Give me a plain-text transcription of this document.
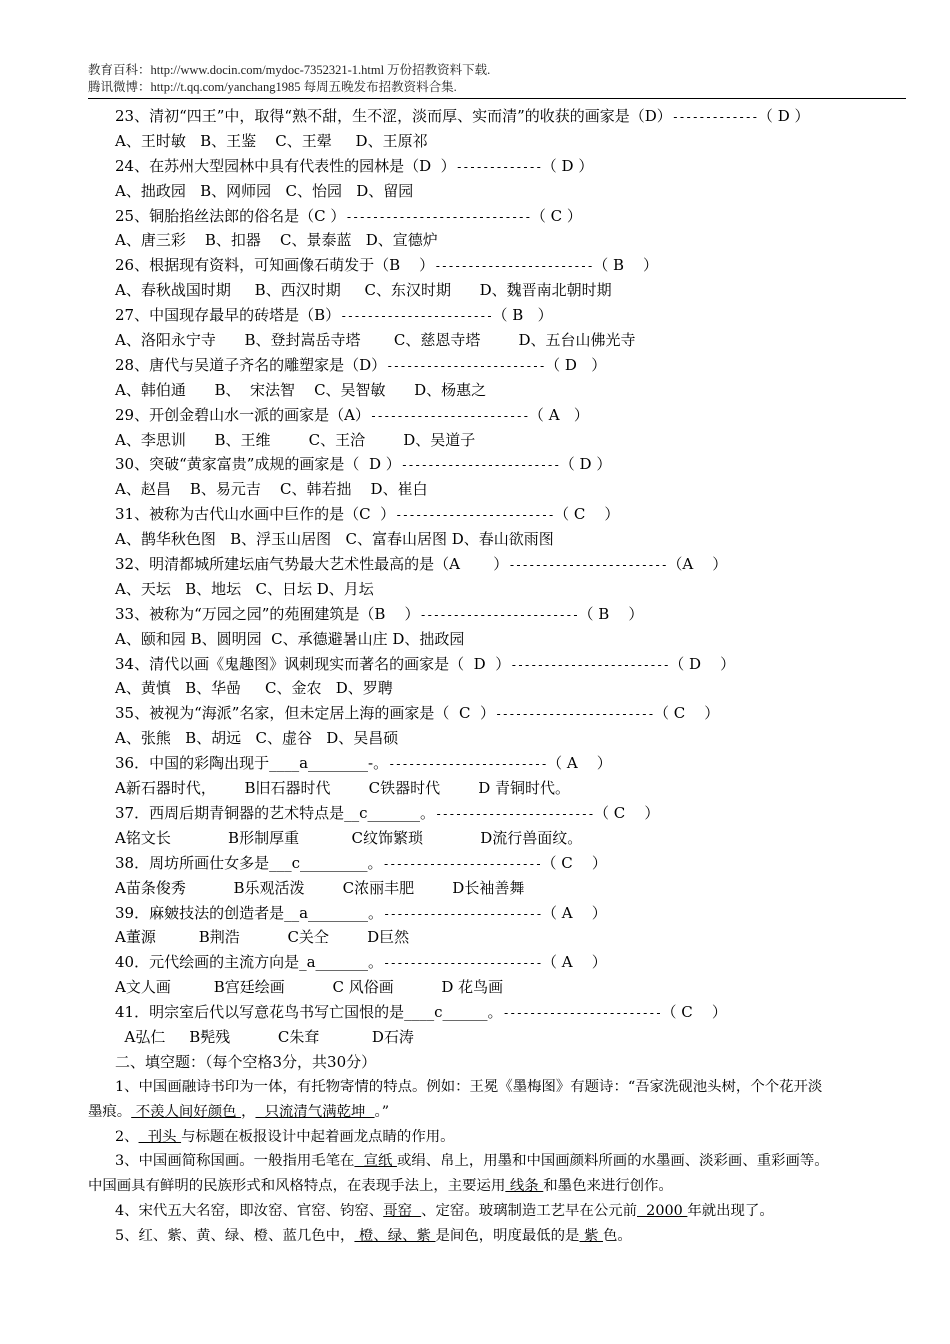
教育百科：http://www.docin.com/mydoc-7352321-1.html 万份招教资料下载.
腾讯微博：http://t.qq.com/yanchang1985 每周五晚发布招教资料合集.
23、清初“四王”中，取得“熟不甜，生不涩，淡而厚、实而清”的收获的画家是（D）-------------（ D ）
A、王时敏   B、王鉴    C、王翚     D、王原祁
24、在苏州大型园林中具有代表性的园林是（D  ）-------------（ D ）
A、拙政园   B、网师园   C、怡园   D、留园
25、铜胎掐丝法郎的俗名是（C ）----------------------------（ C ）
A、唐三彩    B、扣器    C、景泰蓝   D、宣德炉
26、根据现有资料，可知画像石萌发于（B    ）------------------------（ B    ）
A、春秋战国时期     B、西汉时期     C、东汉时期      D、魏晋南北朝时期
27、中国现存最早的砖塔是（B）-----------------------（ B   ）
A、洛阳永宁寺      B、登封嵩岳寺塔       C、慈恩寺塔        D、五台山佛光寺
28、唐代与吴道子齐名的雕塑家是（D）------------------------（ D   ）
A、韩伯通      B、  宋法智    C、吴智敏      D、杨惠之
29、开创金碧山水一派的画家是（A）------------------------（ A   ）
A、李思训      B、王维        C、王洽        D、吴道子
30、突破“黄家富贵”成规的画家是（  D ）------------------------（ D ）
A、赵昌    B、易元吉    C、韩若拙    D、崔白
31、被称为古代山水画中巨作的是（C  ）------------------------（ C    ）
A、鹊华秋色图   B、浮玉山居图   C、富春山居图 D、春山欲雨图
32、明清都城所建坛庙气势最大艺术性最高的是（A       ）------------------------（A    ）
A、天坛   B、地坛   C、日坛 D、月坛
33、被称为“万园之园”的苑囿建筑是（B    ）------------------------（ B    ）
A、颐和园 B、圆明园  C、承德避暑山庄 D、拙政园
34、清代以画《鬼趣图》讽刺现实而著名的画家是（  D  ）------------------------（ D    ）
A、黄慎   B、华喦     C、金农   D、罗聘
35、被视为“海派”名家，但未定居上海的画家是（  C  ）------------------------（ C    ）
A、张熊   B、胡远   C、虚谷   D、吴昌硕
36．中国的彩陶出现于____a________-。------------------------（ A    ）
A新石器时代，      B旧石器时代        C铁器时代        D 青铜时代。
37．西周后期青铜器的艺术特点是__c_______。------------------------（ C    ）
A铭文长            B形制厚重           C纹饰繁琐            D流行兽面纹。
38．周坊所画仕女多是___c_________。------------------------（ C    ）
A苗条俊秀          B乐观活泼        C浓丽丰肥        D长袖善舞
39．麻皴技法的创造者是__a________。------------------------（ A    ）
A董源         B荆浩          C关仝        D巨然
40．元代绘画的主流方向是_a_______。------------------------（ A    ）
A文人画         B宫廷绘画          C 风俗画          D 花鸟画
41．明宗室后代以写意花鸟书写亡国恨的是____c______。------------------------（ C    ）
A弘仁     B髡残          C朱耷           D石涛
二、填空题：（每个空格3分，共30分）
1、中国画融诗书印为一体，有托物寄情的特点。例如：王冕《墨梅图》有题诗：“吾家洗砚池头树，个个花开淡
墨痕。 不羡人间好颜色 ，  只流清气满乾坤  。”
2、  刊头 与标题在板报设计中起着画龙点睛的作用。
3、中国画简称国画。一般指用毛笔在  宣纸 或绢、帛上，用墨和中国画颜料所画的水墨画、淡彩画、重彩画等。
中国画具有鲜明的民族形式和风格特点，在表现手法上，主要运用 线条 和墨色来进行创作。
4、宋代五大名窑，即汝窑、官窑、钧窑、哥窑  、定窑。玻璃制造工艺早在公元前  2000 年就出现了。
5、红、紫、黄、绿、橙、蓝几色中， 橙、绿、紫 是间色，明度最低的是 紫 色。
